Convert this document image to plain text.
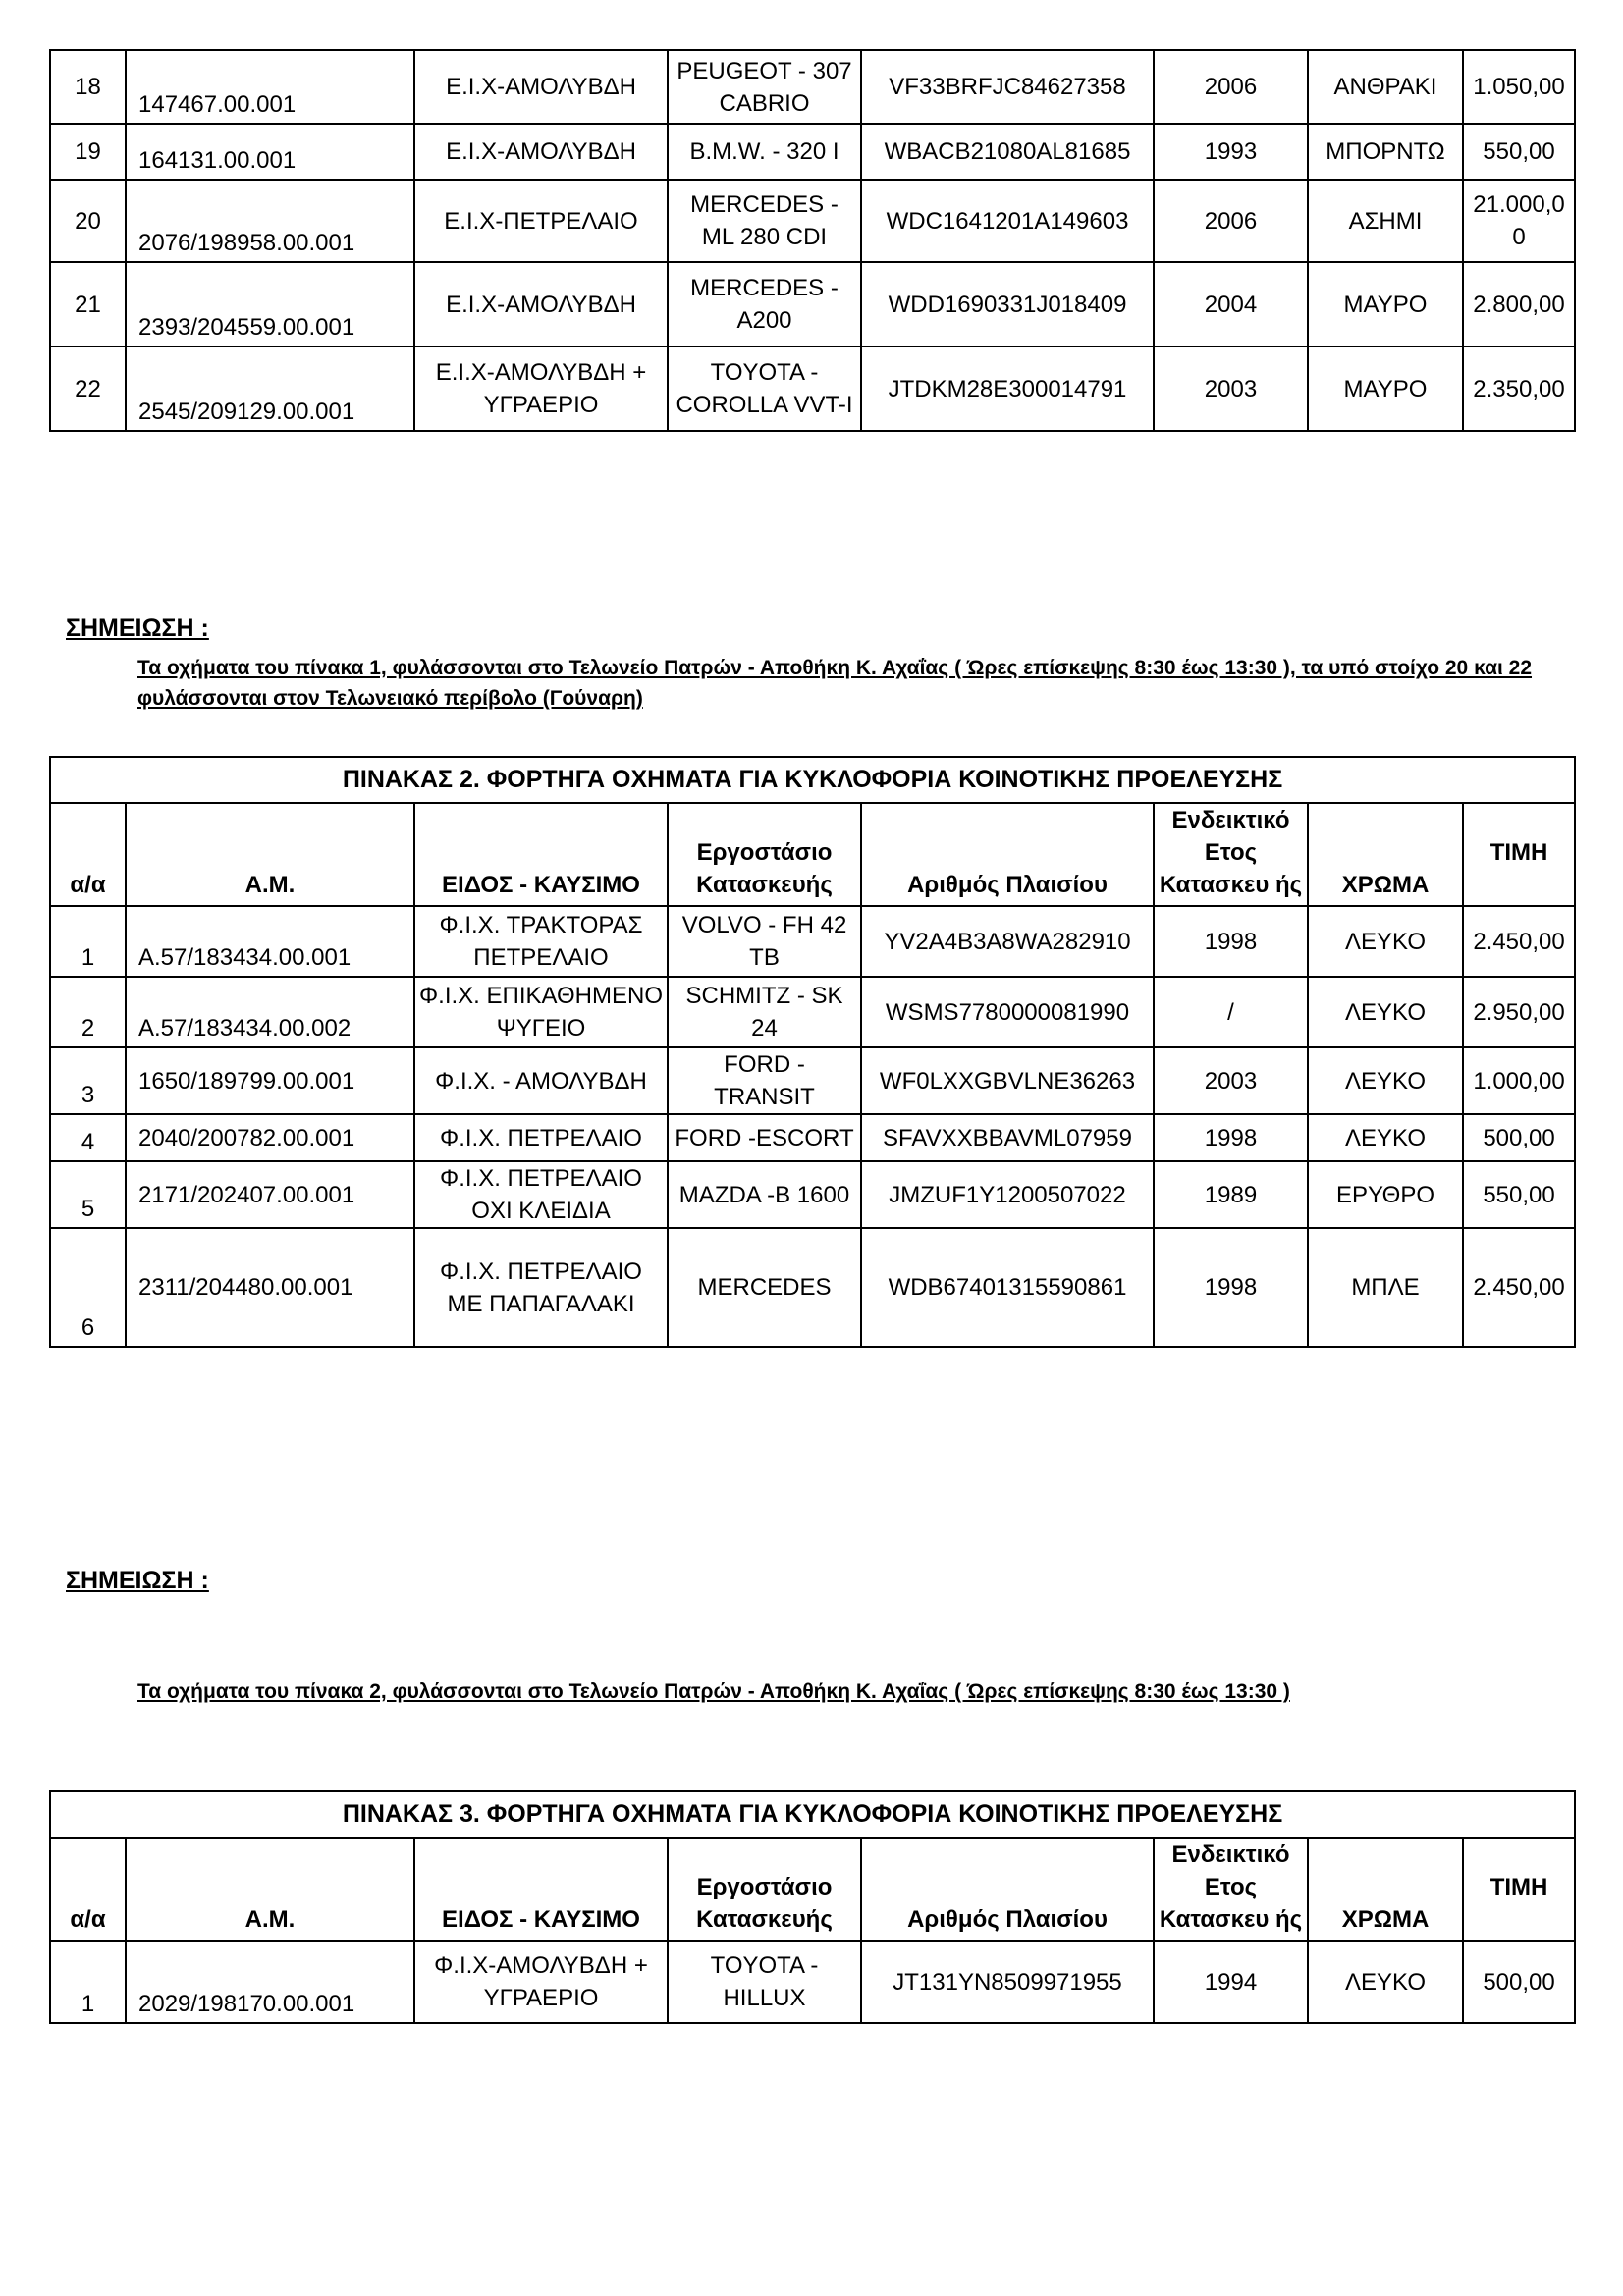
18	147467.00.001	Ε.Ι.Χ-ΑΜΟΛΥΒΔΗ	PEUGEOT - 307 CABRIO	VF33BRFJC84627358	2006	ΑΝΘΡΑΚΙ	1.050,00
19	164131.00.001	Ε.Ι.Χ-ΑΜΟΛΥΒΔΗ	B.M.W. - 320 I	WBACB21080AL81685	1993	ΜΠΟΡΝΤΩ	550,00
20	2076/198958.00.001	Ε.Ι.Χ-ΠΕΤΡΕΛΑΙΟ	MERCEDES - ML 280 CDI	WDC1641201A149603	2006	ΑΣΗΜΙ	21.000,00
21	2393/204559.00.001	Ε.Ι.Χ-ΑΜΟΛΥΒΔΗ	MERCEDES - A200	WDD1690331J018409	2004	ΜΑΥΡΟ	2.800,00
22	2545/209129.00.001	Ε.Ι.Χ-ΑΜΟΛΥΒΔΗ + ΥΓΡΑΕΡΙΟ	TOYOTA - COROLLA VVT-I	JTDKM28E300014791	2003	ΜΑΥΡΟ	2.350,00
ΣΗΜΕΙΩΣΗ :
Τα οχήματα του πίνακα 1, φυλάσσονται στο Τελωνείο Πατρών - Αποθήκη Κ. Αχαΐας ( Ώρες επίσκεψης 8:30 έως 13:30 ), τα υπό στοίχο 20 και 22 φυλάσσονται στον Τελωνειακό περίβολο (Γούναρη)
ΠΙΝΑΚΑΣ 2. ΦΟΡΤΗΓΑ ΟΧΗΜΑΤΑ ΓΙΑ ΚΥΚΛΟΦΟΡΙΑ ΚΟΙΝΟΤΙΚΗΣ ΠΡΟΕΛΕΥΣΗΣ							
α/α	Α.Μ.	ΕΙΔΟΣ - ΚΑΥΣΙΜΟ	Εργοστάσιο Κατασκευής	Αριθμός Πλαισίου	Ενδεικτικό Ετος Κατασκευ ής	ΧΡΩΜΑ	ΤΙΜΗ
1	Α.57/183434.00.001	Φ.Ι.Χ. ΤΡΑΚΤΟΡΑΣ ΠΕΤΡΕΛΑΙΟ	VOLVO - FH 42 TB	YV2A4B3A8WA282910	1998	ΛΕΥΚΟ	2.450,00
2	Α.57/183434.00.002	Φ.Ι.Χ. ΕΠΙΚΑΘΗΜΕΝΟ ΨΥΓΕΙΟ	SCHMITZ - SK 24	WSMS7780000081990	/	ΛΕΥΚΟ	2.950,00
3	1650/189799.00.001	Φ.Ι.Χ. - ΑΜΟΛΥΒΔΗ	FORD - TRANSIT	WF0LXXGBVLNE36263	2003	ΛΕΥΚΟ	1.000,00
4	2040/200782.00.001	Φ.Ι.Χ. ΠΕΤΡΕΛΑΙΟ	FORD -ESCORT	SFAVXXBBAVML07959	1998	ΛΕΥΚΟ	500,00
5	2171/202407.00.001	Φ.Ι.Χ. ΠΕΤΡΕΛΑΙΟ ΟΧΙ ΚΛΕΙΔΙΑ	MAZDA -B 1600	JMZUF1Y1200507022	1989	ΕΡΥΘΡΟ	550,00
6	2311/204480.00.001	Φ.Ι.Χ. ΠΕΤΡΕΛΑΙΟ ΜΕ ΠΑΠΑΓΑΛΑΚΙ	MERCEDES	WDB67401315590861	1998	ΜΠΛΕ	2.450,00
ΣΗΜΕΙΩΣΗ :
Τα οχήματα του πίνακα 2, φυλάσσονται στο Τελωνείο Πατρών - Αποθήκη Κ. Αχαΐας ( Ώρες επίσκεψης 8:30 έως 13:30 )
ΠΙΝΑΚΑΣ 3. ΦΟΡΤΗΓΑ ΟΧΗΜΑΤΑ ΓΙΑ ΚΥΚΛΟΦΟΡΙΑ ΚΟΙΝΟΤΙΚΗΣ ΠΡΟΕΛΕΥΣΗΣ							
α/α	Α.Μ.	ΕΙΔΟΣ - ΚΑΥΣΙΜΟ	Εργοστάσιο Κατασκευής	Αριθμός Πλαισίου	Ενδεικτικό Ετος Κατασκευ ής	ΧΡΩΜΑ	ΤΙΜΗ
1	2029/198170.00.001	Φ.Ι.Χ-ΑΜΟΛΥΒΔΗ + ΥΓΡΑΕΡΙΟ	TOYOTA - HILLUX	JT131YN8509971955	1994	ΛΕΥΚΟ	500,00
